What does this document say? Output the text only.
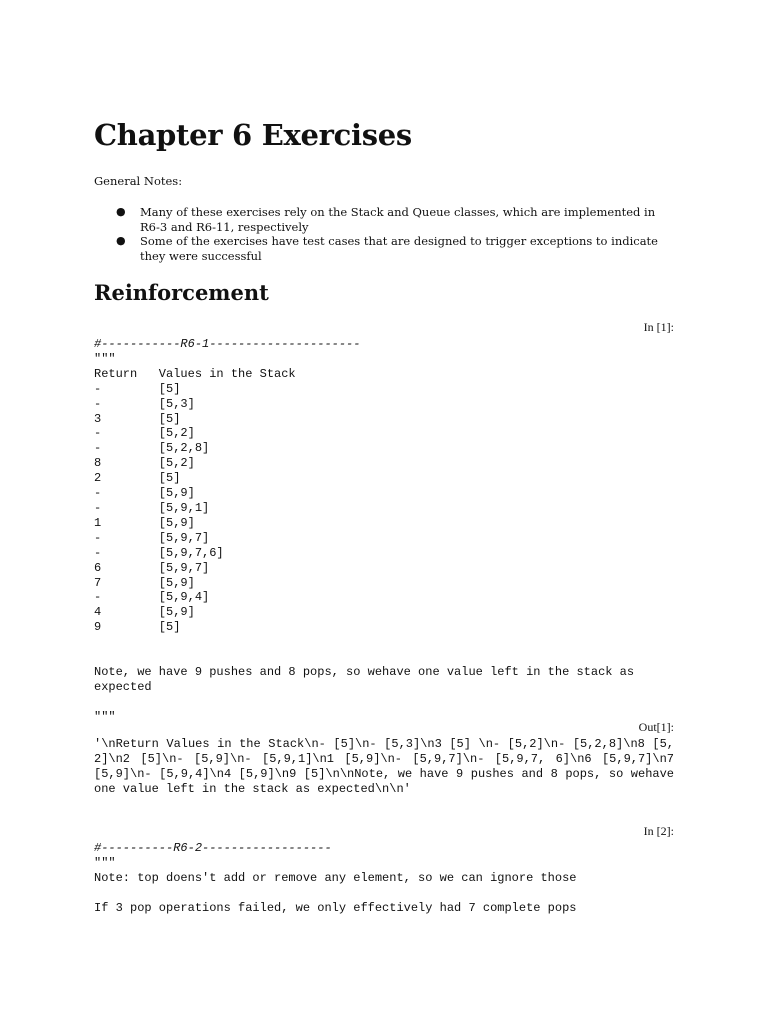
Chapter 6 Exercises
General Notes:
● Many of these exercises rely on the Stack and Queue classes, which are implemented in R6-3 and R6-11, respectively
● Some of the exercises have test cases that are designed to trigger exceptions to indicate they were successful
Reinforcement
In [1]:
#-----------R6-1---------------------
"""
Return   Values in the Stack
-        [5]
-        [5,3]
3        [5]
-        [5,2]
-        [5,2,8]
8        [5,2]
2        [5]
-        [5,9]
-        [5,9,1]
1        [5,9]
-        [5,9,7]
-        [5,9,7,6]
6        [5,9,7]
7        [5,9]
-        [5,9,4]
4        [5,9]
9        [5]

Note, we have 9 pushes and 8 pops, so wehave one value left in the stack as
expected

"""
Out[1]:
'\nReturn Values in the Stack\n- [5]\n- [5,3]\n3 [5] \n- [5,2]\n- [5,2,8]\n8 [5,2]\n2 [5]\n- [5,9]\n- [5,9,1]\n1 [5,9]\n- [5,9,7]\n- [5,9,7, 6]\n6 [5,9,7]\n7 [5,9]\n- [5,9,4]\n4 [5,9]\n9 [5]\n\nNote, we have 9 pushes and 8 pops, so wehave one value left in the stack as expected\n\n'
In [2]:
#----------R6-2------------------
"""
Note: top doens't add or remove any element, so we can ignore those

If 3 pop operations failed, we only effectively had 7 complete pops
